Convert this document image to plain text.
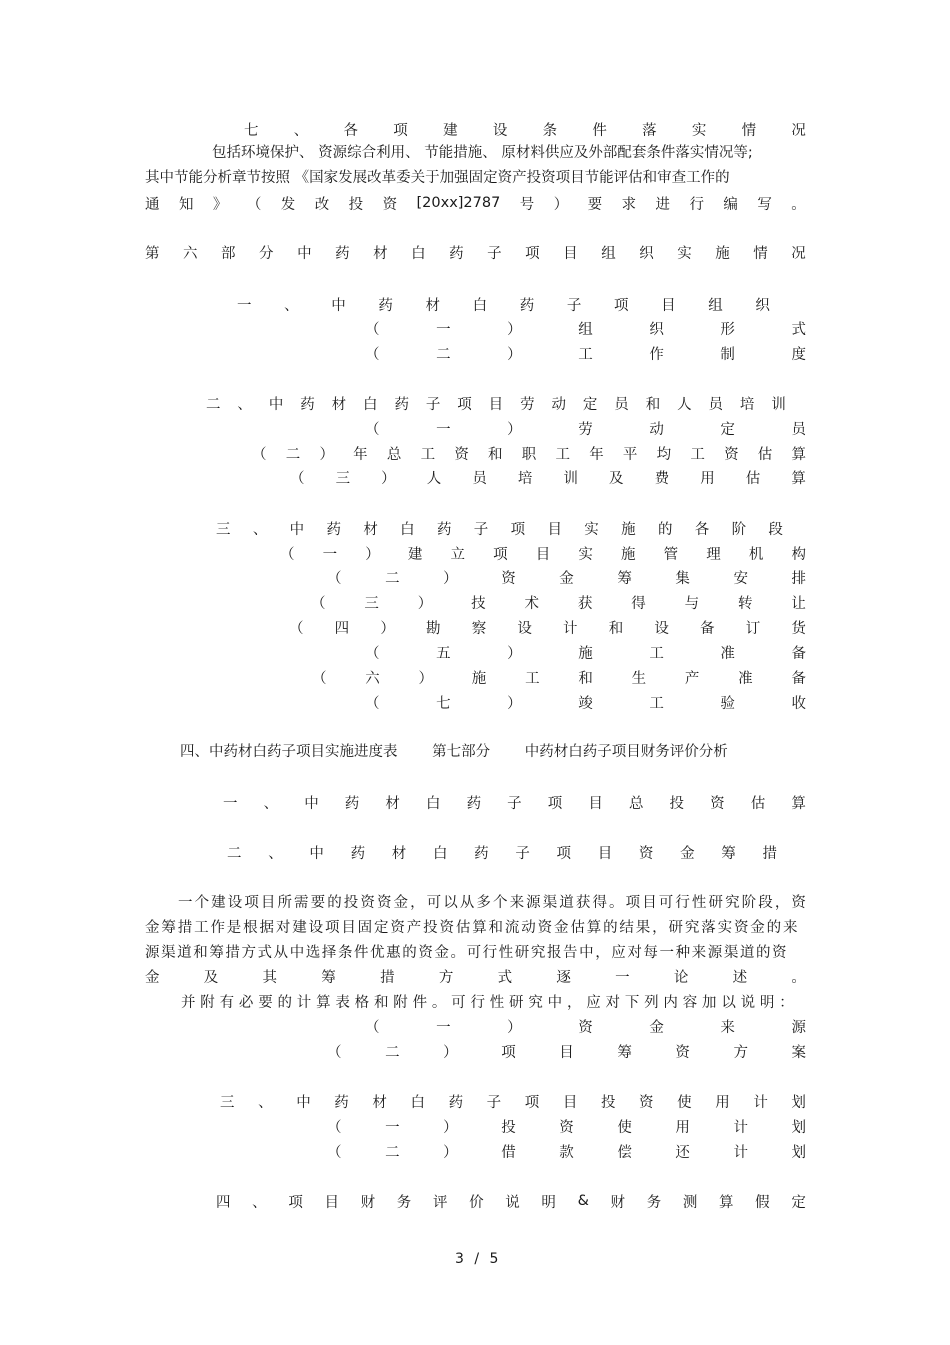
七 、 各 项 建 设 条 件 落 实 情 况
包括环境保护、 资源综合利用、 节能措施、 原材料供应及外部配套条件落实情况等;
其中节能分析章节按照 《国家发展改革委关于加强固定资产投资项目节能评估和审查工作的
通 知 》 （ 发 改 投 资 [20xx]2787 号 ） 要 求 进 行 编 写 。
第 六 部 分 中 药 材 白 药 子 项 目 组 织 实 施 情 况
一 、 中 药 材 白 药 子 项 目 组 织
（	一	）	组	织	形	式
（	二	）	工	作	制	度
二 、 中 药 材 白 药 子 项 目 劳 动 定 员 和 人 员 培 训
（	一	）	劳	动	定	员
（ 二 ） 年 总 工 资 和 职 工 年 平 均 工 资 估 算
（ 三 ） 人 员 培 训 及 费 用 估 算
三 、 中 药 材 白 药 子 项 目 实 施 的 各 阶 段
（ 一 ） 建 立 项 目 实 施 管 理 机 构
（	二	）	资	金	筹	集	安	排
（	三	）	技	术	获	得	与	转	让
（ 四 ） 勘 察 设 计 和 设 备 订 货
（	五	）	施	工	准	备
（	六	）	施	工	和	生	产	准	备
（	七	）	竣	工	验	收
四、中药材白药子项目实施进度表 第七部分 中药材白药子项目财务评价分析
一 、 中 药 材 白 药 子 项 目 总 投 资 估 算
二 、 中 药 材 白 药 子 项 目 资 金 筹 措
一 个 建 设 项 目 所 需 要 的 投 资 资 金 ， 可 以 从 多 个 来 源 渠 道 获 得 。 项 目 可 行 性 研 究 阶 段 ， 资
金 筹 措 工 作 是 根 据 对 建 设 项 目 固 定 资 产 投 资 估 算 和 流 动 资 金 估 算 的 结 果 ， 研 究 落 实 资 金 的 来
源 渠 道 和 筹 措 方 式 从 中 选 择 条 件 优 惠 的 资 金 。 可 行 性 研 究 报 告 中 ， 应 对 每 一 种 来 源 渠 道 的 资
金	及	其	筹	措	方	式	逐	一	论	述	。
并 附 有 必 要 的 计 算 表 格 和 附 件 。 可 行 性 研 究 中 ， 应 对 下 列 内 容 加 以 说 明 ：
（	一	）	资	金	来	源
（	二	）	项	目	筹	资	方	案
三 、 中 药 材 白 药 子 项 目 投 资 使 用 计 划
（	一	）	投	资	使	用	计	划
（	二	）	借	款	偿	还	计	划
四 、 项 目 财 务 评 价 说 明 & 财 务 测 算 假 定
3 / 5
